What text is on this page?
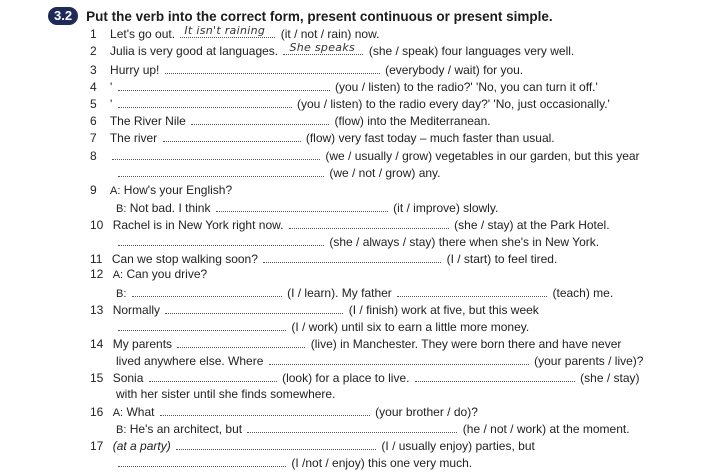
3.2	Put the verb into the correct form, present continuous or present simple.
1 Let's go out. It isn't raining (it / not / rain) now.
2 Julia is very good at languages. She speaks (she / speak) four languages very well.
3 Hurry up!	(everybody / wait) for you.
4 '	(you / listen) to the radio?' 'No, you can turn it off.'
5 '	(you / listen) to the radio every day?' 'No, just occasionally.'
6 The River Nile	(flow) into the Mediterranean.
7 The river	(flow) very fast today – much faster than usual.
8	(we / usually / grow) vegetables in our garden, but this year
(we / not / grow) any.
9 A: How's your English?
B: Not bad. I think	(it / improve) slowly.
10 Rachel is in New York right now.	(she / stay) at the Park Hotel.
(she / always / stay) there when she's in New York.
11 Can we stop walking soon?	(I / start) to feel tired.
12 A: Can you drive?
B:	(I / learn). My father	(teach) me.
13 Normally	(I / finish) work at five, but this week
(I / work) until six to earn a little more money.
14 My parents	(live) in Manchester. They were born there and have never
lived anywhere else. Where	(your parents / live)?
15 Sonia	(look) for a place to live.	(she / stay)
with her sister until she finds somewhere.
16 A: What	(your brother / do)?
B: He's an architect, but	(he / not / work) at the moment.
17 (at a party)	(I / usually enjoy) parties, but
(I /not / enjoy) this one very much.
